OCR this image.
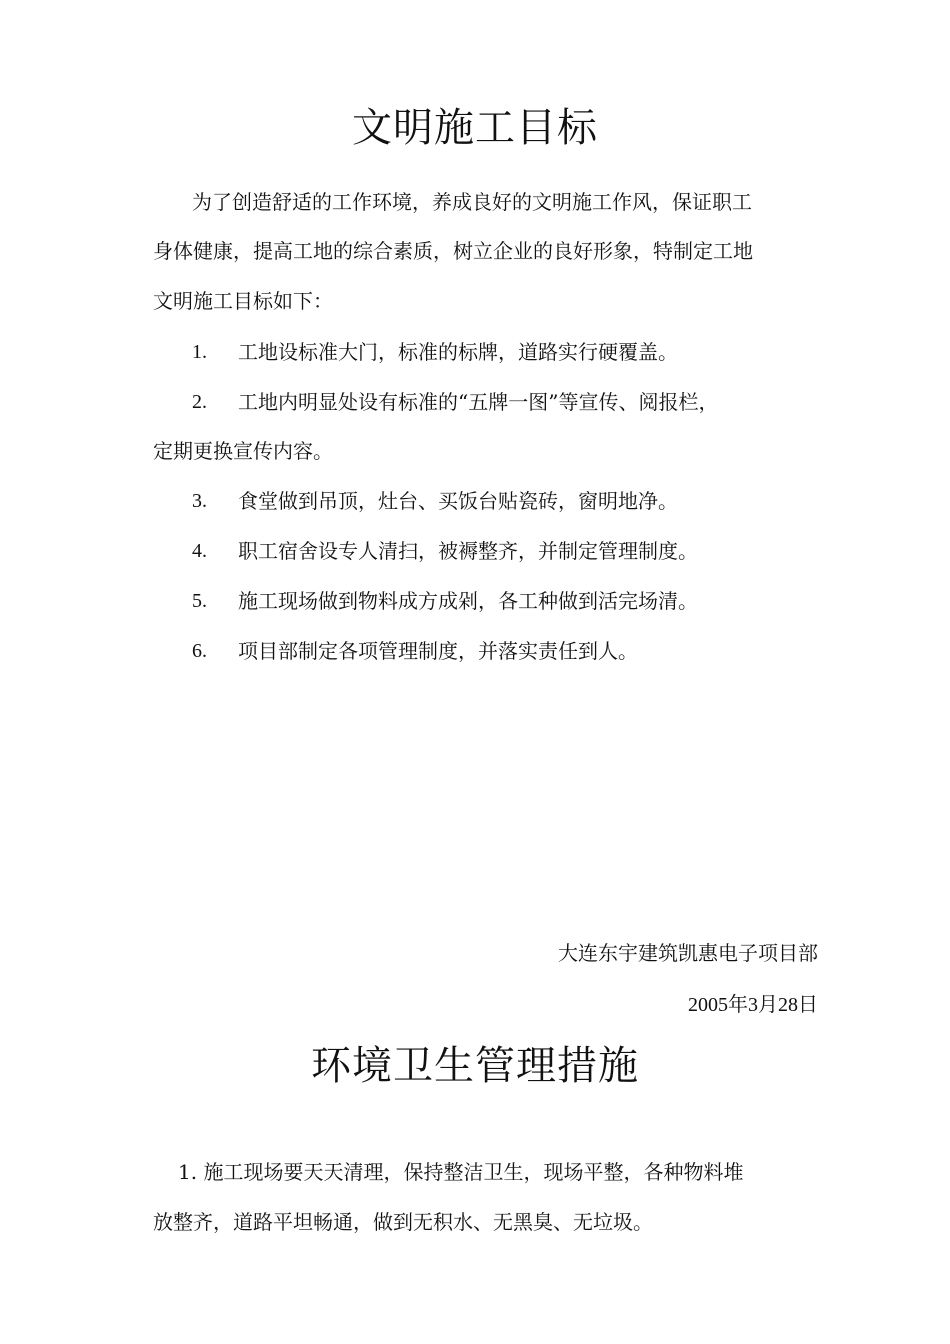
文明施工目标

为了创造舒适的工作环境，养成良好的文明施工作风，保证职工

身体健康，提高工地的综合素质，树立企业的良好形象，特制定工地

文明施工目标如下：

1. 工地设标准大门，标准的标牌，道路实行硬覆盖。
2. 工地内明显处设有标准的“五牌一图”等宣传、阅报栏，

定期更换宣传内容。

3. 食堂做到吊顶，灶台、买饭台贴瓷砖，窗明地净。
4. 职工宿舍设专人清扫，被褥整齐，并制定管理制度。
5. 施工现场做到物料成方成剁，各工种做到活完场清。
6. 项目部制定各项管理制度，并落实责任到人。
大连东宇建筑凯惠电子项目部
2005年3月28日
环境卫生管理措施

1. 施工现场要天天清理，保持整洁卫生，现场平整，各种物料堆

放整齐，道路平坦畅通，做到无积水、无黑臭、无垃圾。
